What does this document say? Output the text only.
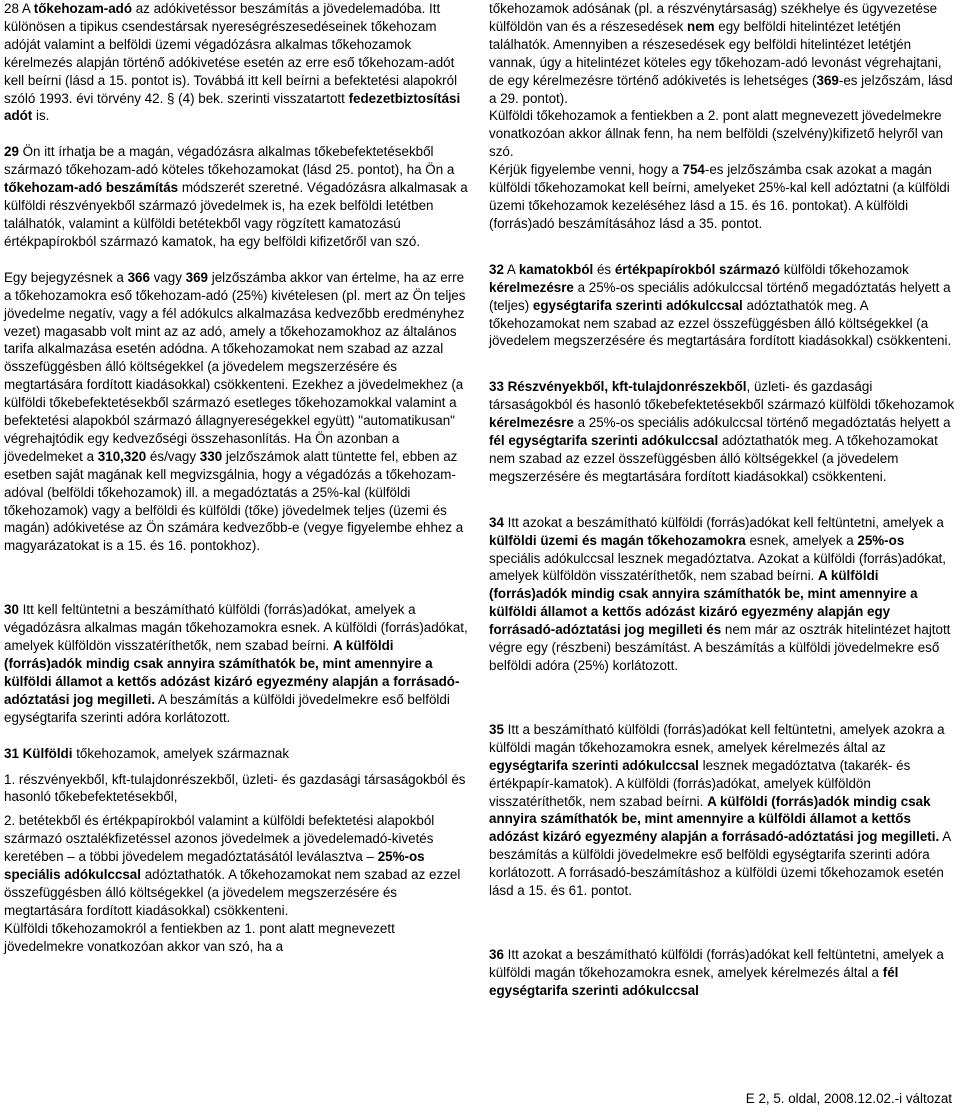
28 A tőkehozam-adó az adókivetéssor beszámítás a jövedelemadóba. Itt különösen a tipikus csendestársak nyereségrészesedéseinek tőkehozam adóját valamint a belföldi üzemi végadózásra alkalmas tőkehozamok kérelmezés alapján történő adókivetése esetén az erre eső tőkehozam-adót kell beírni (lásd a 15. pontot is). Továbbá itt kell beírni a befektetési alapokról szóló 1993. évi törvény 42. § (4) bek. szerinti visszatartott fedezetbiztosítási adót is.

29 Ön itt írhatja be a magán, végadózásra alkalmas tőkebefektetésekből származó tőkehozam-adó köteles tőkehozamokat (lásd 25. pontot), ha Ön a tőkehozam-adó beszámítás módszerét szeretné. Végadózásra alkalmasak a külföldi részvényekből származó jövedelmek is, ha ezek belföldi letétben találhatók, valamint a külföldi betétekből vagy rögzített kamatozású értékpapírokból származó kamatok, ha egy belföldi kifizetőről van szó.

Egy bejegyzésnek a 366 vagy 369 jelzőszámba akkor van értelme, ha az erre a tőkehozamokra eső tőkehozam-adó (25%) kivételesen (pl. mert az Ön teljes jövedelme negatív, vagy a fél adókulcs alkalmazása kedvezőbb eredményhez vezet) magasabb volt mint az az adó, amely a tőkehozamokhoz az általános tarifa alkalmazása esetén adódna. A tőkehozamokat nem szabad az azzal összefüggésben álló költségekkel (a jövedelem megszerzésére és megtartására fordított kiadásokkal) csökkenteni. Ezekhez a jövedelmekhez (a külföldi tőkebefektetésekből származó esetleges tőkehozamokkal valamint a befektetési alapokból származó állagnyereségekkel együtt) "automatikusan" végrehajtódik egy kedvezőségi összehasonlítás. Ha Ön azonban a jövedelmeket a 310,320 és/vagy 330 jelzőszámok alatt tüntette fel, ebben az esetben saját magának kell megvizsgálnia, hogy a végadózás a tőkehozam-adóval (belföldi tőkehozamok) ill. a megadóztatás a 25%-kal (külföldi tőkehozamok) vagy a belföldi és külföldi (tőke) jövedelmek teljes (üzemi és magán) adókivetése az Ön számára kedvezőbb-e (vegye figyelembe ehhez a magyarázatokat is a 15. és 16. pontokhoz).

30 Itt kell feltüntetni a beszámítható külföldi (forrás)adókat, amelyek a végadózásra alkalmas magán tőkehozamokra esnek. A külföldi (forrás)adókat, amelyek külföldön visszatéríthetők, nem szabad beírni. A külföldi (forrás)adók mindig csak annyira számíthatók be, mint amennyire a külföldi államot a kettős adózást kizáró egyezmény alapján a forrásadó-adóztatási jog megilleti. A beszámítás a külföldi jövedelmekre eső belföldi egységtarifa szerinti adóra korlátozott.

31 Külföldi tőkehozamok, amelyek származnak

1. részvényekből, kft-tulajdonrészekből, üzleti- és gazdasági társaságokból és hasonló tőkebefektetésekből,

2. betétekből és értékpapírokból valamint a külföldi befektetési alapokból származó osztalékfizetéssel azonos jövedelmek a jövedelemadó-kivetés keretében – a többi jövedelem megadóztatásától leválasztva – 25%-os speciális adókulccsal adóztathatók. A tőkehozamokat nem szabad az ezzel összefüggésben álló költségekkel (a jövedelem megszerzésére és megtartására fordított kiadásokkal) csökkenteni.

Külföldi tőkehozamokról a fentiekben az 1. pont alatt megnevezett jövedelmekre vonatkozóan akkor van szó, ha a

tőkehozamok adósának (pl. a részvénytársaság) székhelye és ügyvezetése külföldön van és a részesedések nem egy belföldi hitelintézet letétjén találhatók. Amennyiben a részesedések egy belföldi hitelintézet letétjén vannak, úgy a hitelintézet köteles egy tőkehozam-adó levonást végrehajtani, de egy kérelmezésre történő adókivetés is lehetséges (369-es jelzőszám, lásd a 29. pontot).

Külföldi tőkehozamok a fentiekben a 2. pont alatt megnevezett jövedelmekre vonatkozóan akkor állnak fenn, ha nem belföldi (szelvény)kifizető helyről van szó.

Kérjük figyelembe venni, hogy a 754-es jelzőszámba csak azokat a magán külföldi tőkehozamokat kell beírni, amelyeket 25%-kal kell adóztatni (a külföldi üzemi tőkehozamok kezeléséhez lásd a 15. és 16. pontokat). A külföldi (forrás)adó beszámításához lásd a 35. pontot.

32 A kamatokból és értékpapírokból származó külföldi tőkehozamok kérelmezésre a 25%-os speciális adókulccsal történő megadóztatás helyett a (teljes) egységtarifa szerinti adókulccsal adóztathatók meg. A tőkehozamokat nem szabad az ezzel összefüggésben álló költségekkel (a jövedelem megszerzésére és megtartására fordított kiadásokkal) csökkenteni.

33 Részvényekből, kft-tulajdonrészekből, üzleti- és gazdasági társaságokból és hasonló tőkebefektetésekből származó külföldi tőkehozamok kérelmezésre a 25%-os speciális adókulccsal történő megadóztatás helyett a fél egységtarifa szerinti adókulccsal adóztathatók meg. A tőkehozamokat nem szabad az ezzel összefüggésben álló költségekkel (a jövedelem megszerzésére és megtartására fordított kiadásokkal) csökkenteni.

34 Itt azokat a beszámítható külföldi (forrás)adókat kell feltüntetni, amelyek a külföldi üzemi és magán tőkehozamokra esnek, amelyek a 25%-os speciális adókulccsal lesznek megadóztatva. Azokat a külföldi (forrás)adókat, amelyek külföldön visszatéríthetők, nem szabad beírni. A külföldi (forrás)adók mindig csak annyira számíthatók be, mint amennyire a külföldi államot a kettős adózást kizáró egyezmény alapján egy forrásadó-adóztatási jog megilleti és nem már az osztrák hitelintézet hajtott végre egy (részbeni) beszámítást. A beszámítás a külföldi jövedelmekre eső belföldi adóra (25%) korlátozott.

35 Itt a beszámítható külföldi (forrás)adókat kell feltüntetni, amelyek azokra a külföldi magán tőkehozamokra esnek, amelyek kérelmezés által az egységtarifa szerinti adókulccsal lesznek megadóztatva (takarék- és értékpapír-kamatok). A külföldi (forrás)adókat, amelyek külföldön visszatéríthetők, nem szabad beírni. A külföldi (forrás)adók mindig csak annyira számíthatók be, mint amennyire a külföldi államot a kettős adózást kizáró egyezmény alapján a forrásadó-adóztatási jog megilleti. A beszámítás a külföldi jövedelmekre eső belföldi egységtarifa szerinti adóra korlátozott. A forrásadó-beszámításhoz a külföldi üzemi tőkehozamok esetén lásd a 15. és 61. pontot.

36 Itt azokat a beszámítható külföldi (forrás)adókat kell feltüntetni, amelyek a külföldi magán tőkehozamokra esnek, amelyek kérelmezés által a fél egységtarifa szerinti adókulccsal

E 2, 5. oldal, 2008.12.02.-i változat
